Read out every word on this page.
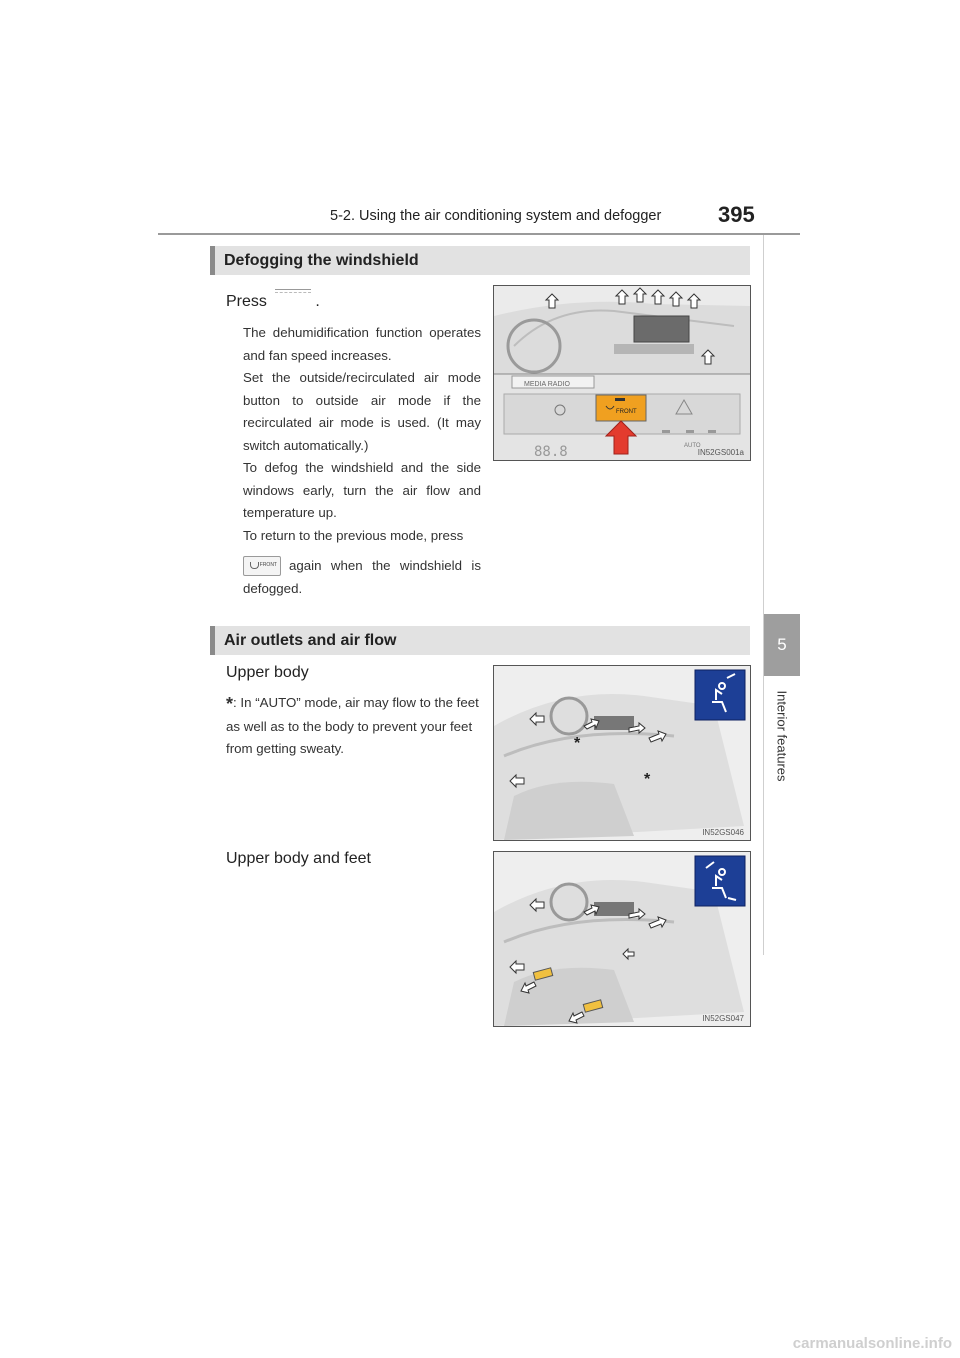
5-2. Using the air conditioning system and defogger	395
5
Interior features
Defogging the windshield
Press	.

The dehumidification function operates and fan speed increases.

Set the outside/recirculated air mode button to outside air mode if the recirculated air mode is used. (It may switch automatically.)

To defog the windshield and the side windows early, turn the air flow and temperature up.

To return to the previous mode, press

FRONT again when the windshield is defogged.
MEDIA RADIO
FRONT
88.8	AUTO
IN52GS001a
Air outlets and air flow
Upper body
*: In “AUTO” mode, air may flow to the feet as well as to the body to prevent your feet from getting sweaty.	*
*
IN52GS046
Upper body and feet
IN52GS047
carmanualsonline.info
